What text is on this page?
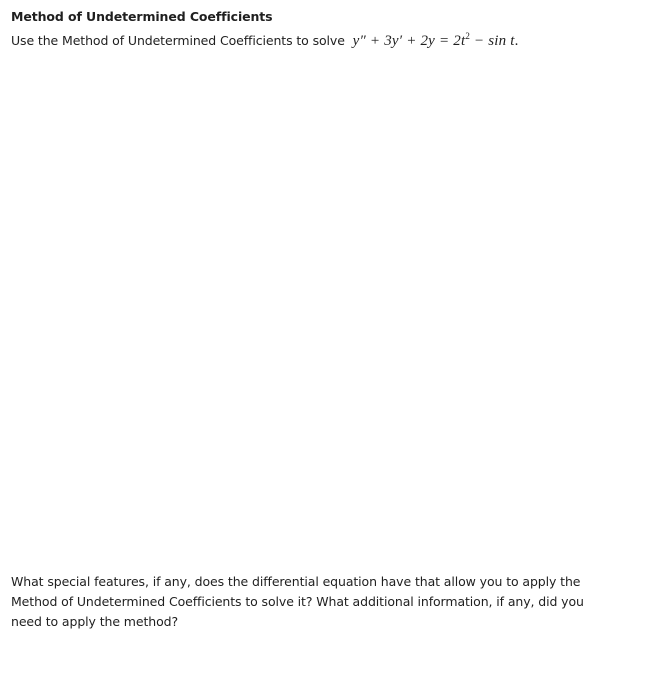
Method of Undetermined Coefficients
Use the Method of Undetermined Coefficients to solve $y'' + 3y' + 2y = 2t^2 - \sin t$.
What special features, if any, does the differential equation have that allow you to apply the Method of Undetermined Coefficients to solve it? What additional information, if any, did you need to apply the method?
